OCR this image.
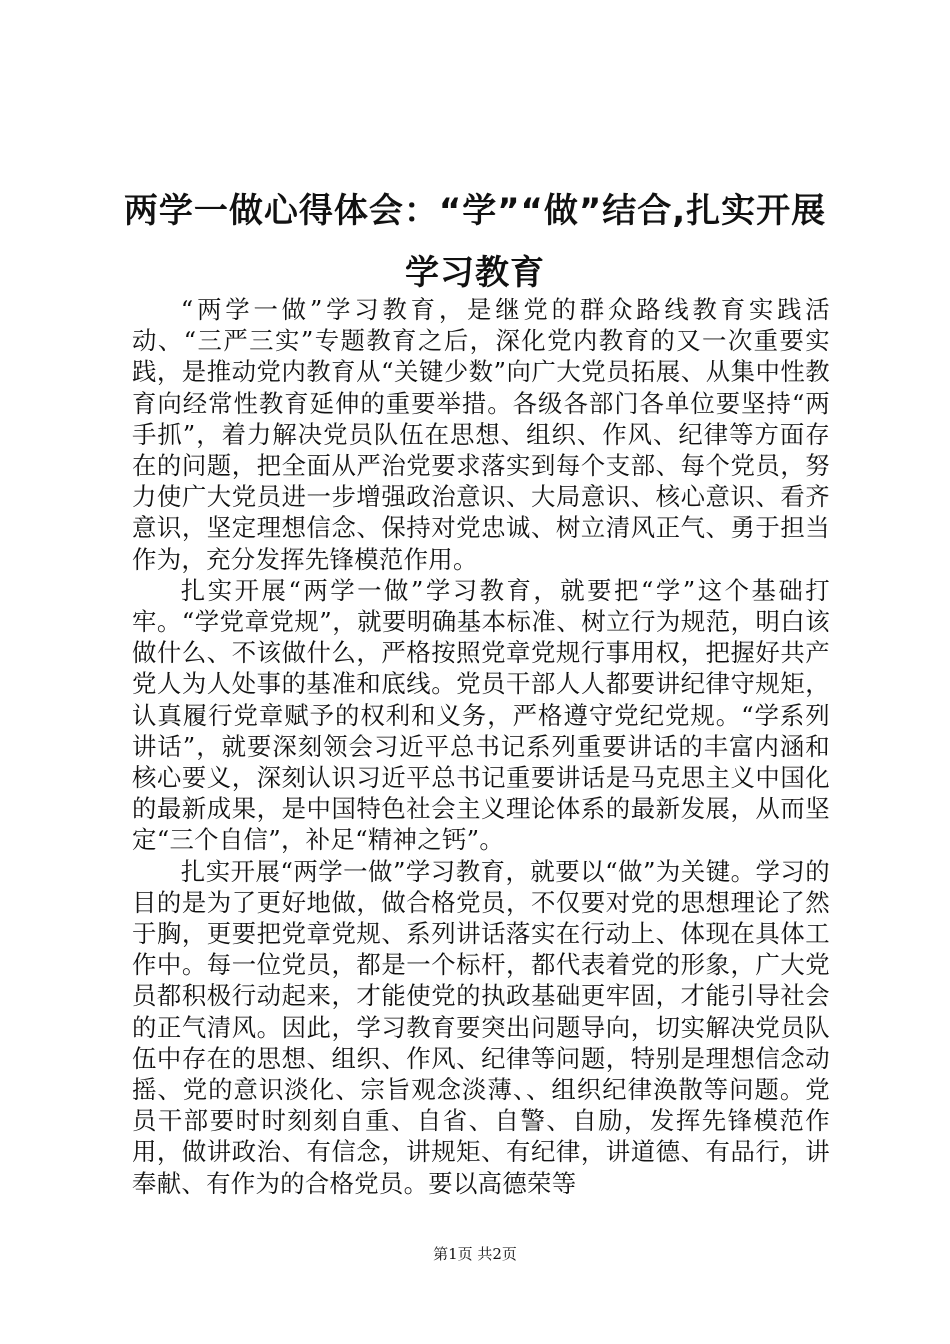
两学一做心得体会：“学”“做”结合,扎实开展学习教育

“两学一做”学习教育，是继党的群众路线教育实践活动、“三严三实”专题教育之后，深化党内教育的又一次重要实践，是推动党内教育从“关键少数”向广大党员拓展、从集中性教育向经常性教育延伸的重要举措。各级各部门各单位要坚持“两手抓”，着力解决党员队伍在思想、组织、作风、纪律等方面存在的问题，把全面从严治党要求落实到每个支部、每个党员，努力使广大党员进一步增强政治意识、大局意识、核心意识、看齐意识，坚定理想信念、保持对党忠诚、树立清风正气、勇于担当作为，充分发挥先锋模范作用。

扎实开展“两学一做”学习教育，就要把“学”这个基础打牢。“学党章党规”，就要明确基本标准、树立行为规范，明白该做什么、不该做什么，严格按照党章党规行事用权，把握好共产党人为人处事的基准和底线。党员干部人人都要讲纪律守规矩，认真履行党章赋予的权利和义务，严格遵守党纪党规。“学系列讲话”，就要深刻领会习近平总书记系列重要讲话的丰富内涵和核心要义，深刻认识习近平总书记重要讲话是马克思主义中国化的最新成果，是中国特色社会主义理论体系的最新发展，从而坚定“三个自信”，补足“精神之钙”。

扎实开展“两学一做”学习教育，就要以“做”为关键。学习的目的是为了更好地做，做合格党员，不仅要对党的思想理论了然于胸，更要把党章党规、系列讲话落实在行动上、体现在具体工作中。每一位党员，都是一个标杆，都代表着党的形象，广大党员都积极行动起来，才能使党的执政基础更牢固，才能引导社会的正气清风。因此，学习教育要突出问题导向，切实解决党员队伍中存在的思想、组织、作风、纪律等问题，特别是理想信念动摇、党的意识淡化、宗旨观念淡薄、、组织纪律涣散等问题。党员干部要时时刻刻自重、自省、自警、自励，发挥先锋模范作用，做讲政治、有信念，讲规矩、有纪律，讲道德、有品行，讲奉献、有作为的合格党员。要以高德荣等

第1页 共2页
